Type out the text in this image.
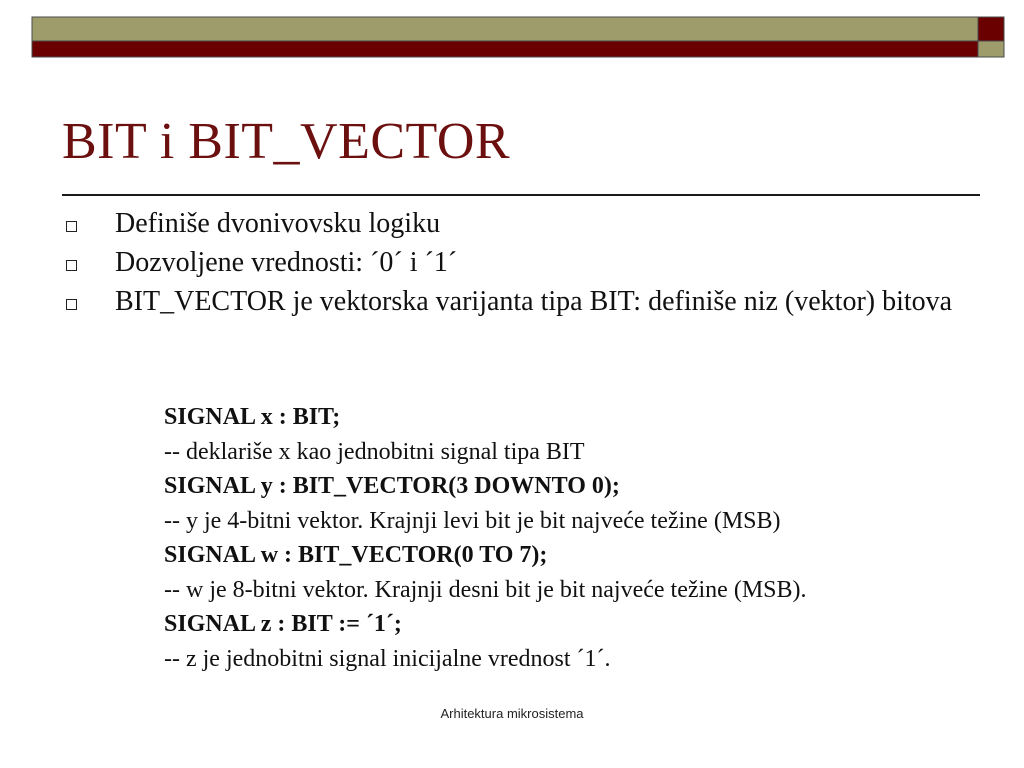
BIT i BIT_VECTOR
Definiše dvonivovsku logiku
Dozvoljene vrednosti: ´0´ i ´1´
BIT_VECTOR je vektorska varijanta tipa BIT: definiše niz (vektor) bitova
SIGNAL x : BIT;
-- deklariše x kao jednobitni signal tipa BIT
SIGNAL y : BIT_VECTOR(3 DOWNTO 0);
-- y je 4-bitni vektor. Krajnji levi bit je bit najveće težine (MSB)
SIGNAL w : BIT_VECTOR(0 TO 7);
-- w je 8-bitni vektor. Krajnji desni bit je bit najveće težine (MSB).
SIGNAL z : BIT := ´1´;
-- z je jednobitni signal inicijalne vrednost ´1´.
Arhitektura mikrosistema
